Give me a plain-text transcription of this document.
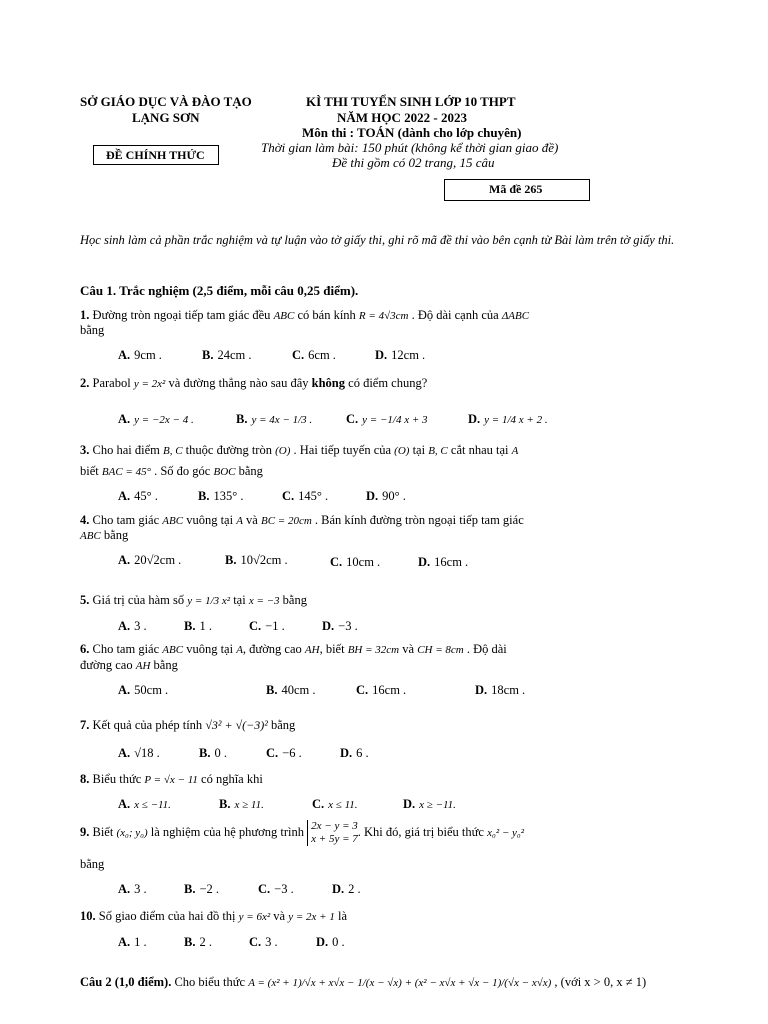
SỞ GIÁO DỤC VÀ ĐÀO TẠO
LẠNG SƠN
ĐỀ CHÍNH THỨC
KÌ THI TUYỂN SINH LỚP 10 THPT
NĂM HỌC 2022 - 2023
Môn thi : TOÁN (dành cho lớp chuyên)
Thời gian làm bài: 150 phút (không kể thời gian giao đề)
Đề thi gồm có 02 trang, 15 câu
Mã đề 265
Học sinh làm cả phần trắc nghiệm và tự luận vào tờ giấy thi, ghi rõ mã đề thi vào bên cạnh từ Bài làm trên tờ giấy thi.
Câu 1. Trắc nghiệm (2,5 điểm, mỗi câu 0,25 điểm).
1. Đường tròn ngoại tiếp tam giác đều ABC có bán kính R = 4√3cm . Độ dài cạnh của ΔABC
bằng
A. 9cm .	B. 24cm .	C. 6cm .	D. 12cm .
2. Parabol y = 2x² và đường thẳng nào sau đây không có điểm chung?
A. y = −2x − 4 .	B. y = 4x − 1/3 .	C. y = −1/4 x + 3	D. y = 1/4 x + 2 .
3. Cho hai điểm B, C thuộc đường tròn (O) . Hai tiếp tuyến của (O) tại B, C cắt nhau tại A
biết BAC = 45° . Số đo góc BOC bằng
A. 45° .	B. 135° .	C. 145° .	D. 90° .
4. Cho tam giác ABC vuông tại A và BC = 20cm . Bán kính đường tròn ngoại tiếp tam giác
ABC bằng
A. 20√2cm .	B. 10√2cm .	C. 10cm .	D. 16cm .
5. Giá trị của hàm số y = 1/3 x² tại x = −3 bằng
A. 3 .	B. 1 .	C. −1 .	D. −3 .
6. Cho tam giác ABC vuông tại A, đường cao AH, biết BH = 32cm và CH = 8cm . Độ dài
đường cao AH bằng
A. 50cm .	B. 40cm .	C. 16cm .	D. 18cm .
7. Kết quả của phép tính √3² + √(−3)² bằng
A. √18 .	B. 0 .	C. −6 .	D. 6 .
8. Biểu thức P = √x − 11 có nghĩa khi
A. x ≤ −11.	B. x ≥ 11.	C. x ≤ 11.	D. x ≥ −11.
9. Biết (x₀; y₀) là nghiệm của hệ phương trình 2x − y = 3
x + 5y = 7. Khi đó, giá trị biểu thức x₀² − y₀²
bằng
A. 3 .	B. −2 .	C. −3 .	D. 2 .
10. Số giao điểm của hai đồ thị y = 6x² và y = 2x + 1 là
A. 1 .	B. 2 .	C. 3 .	D. 0 .
Câu 2 (1,0 điểm). Cho biểu thức A = (x² + 1)/√x + x√x − 1/(x − √x) + (x² − x√x + √x − 1)/(√x − x√x) , (với x > 0, x ≠ 1)
